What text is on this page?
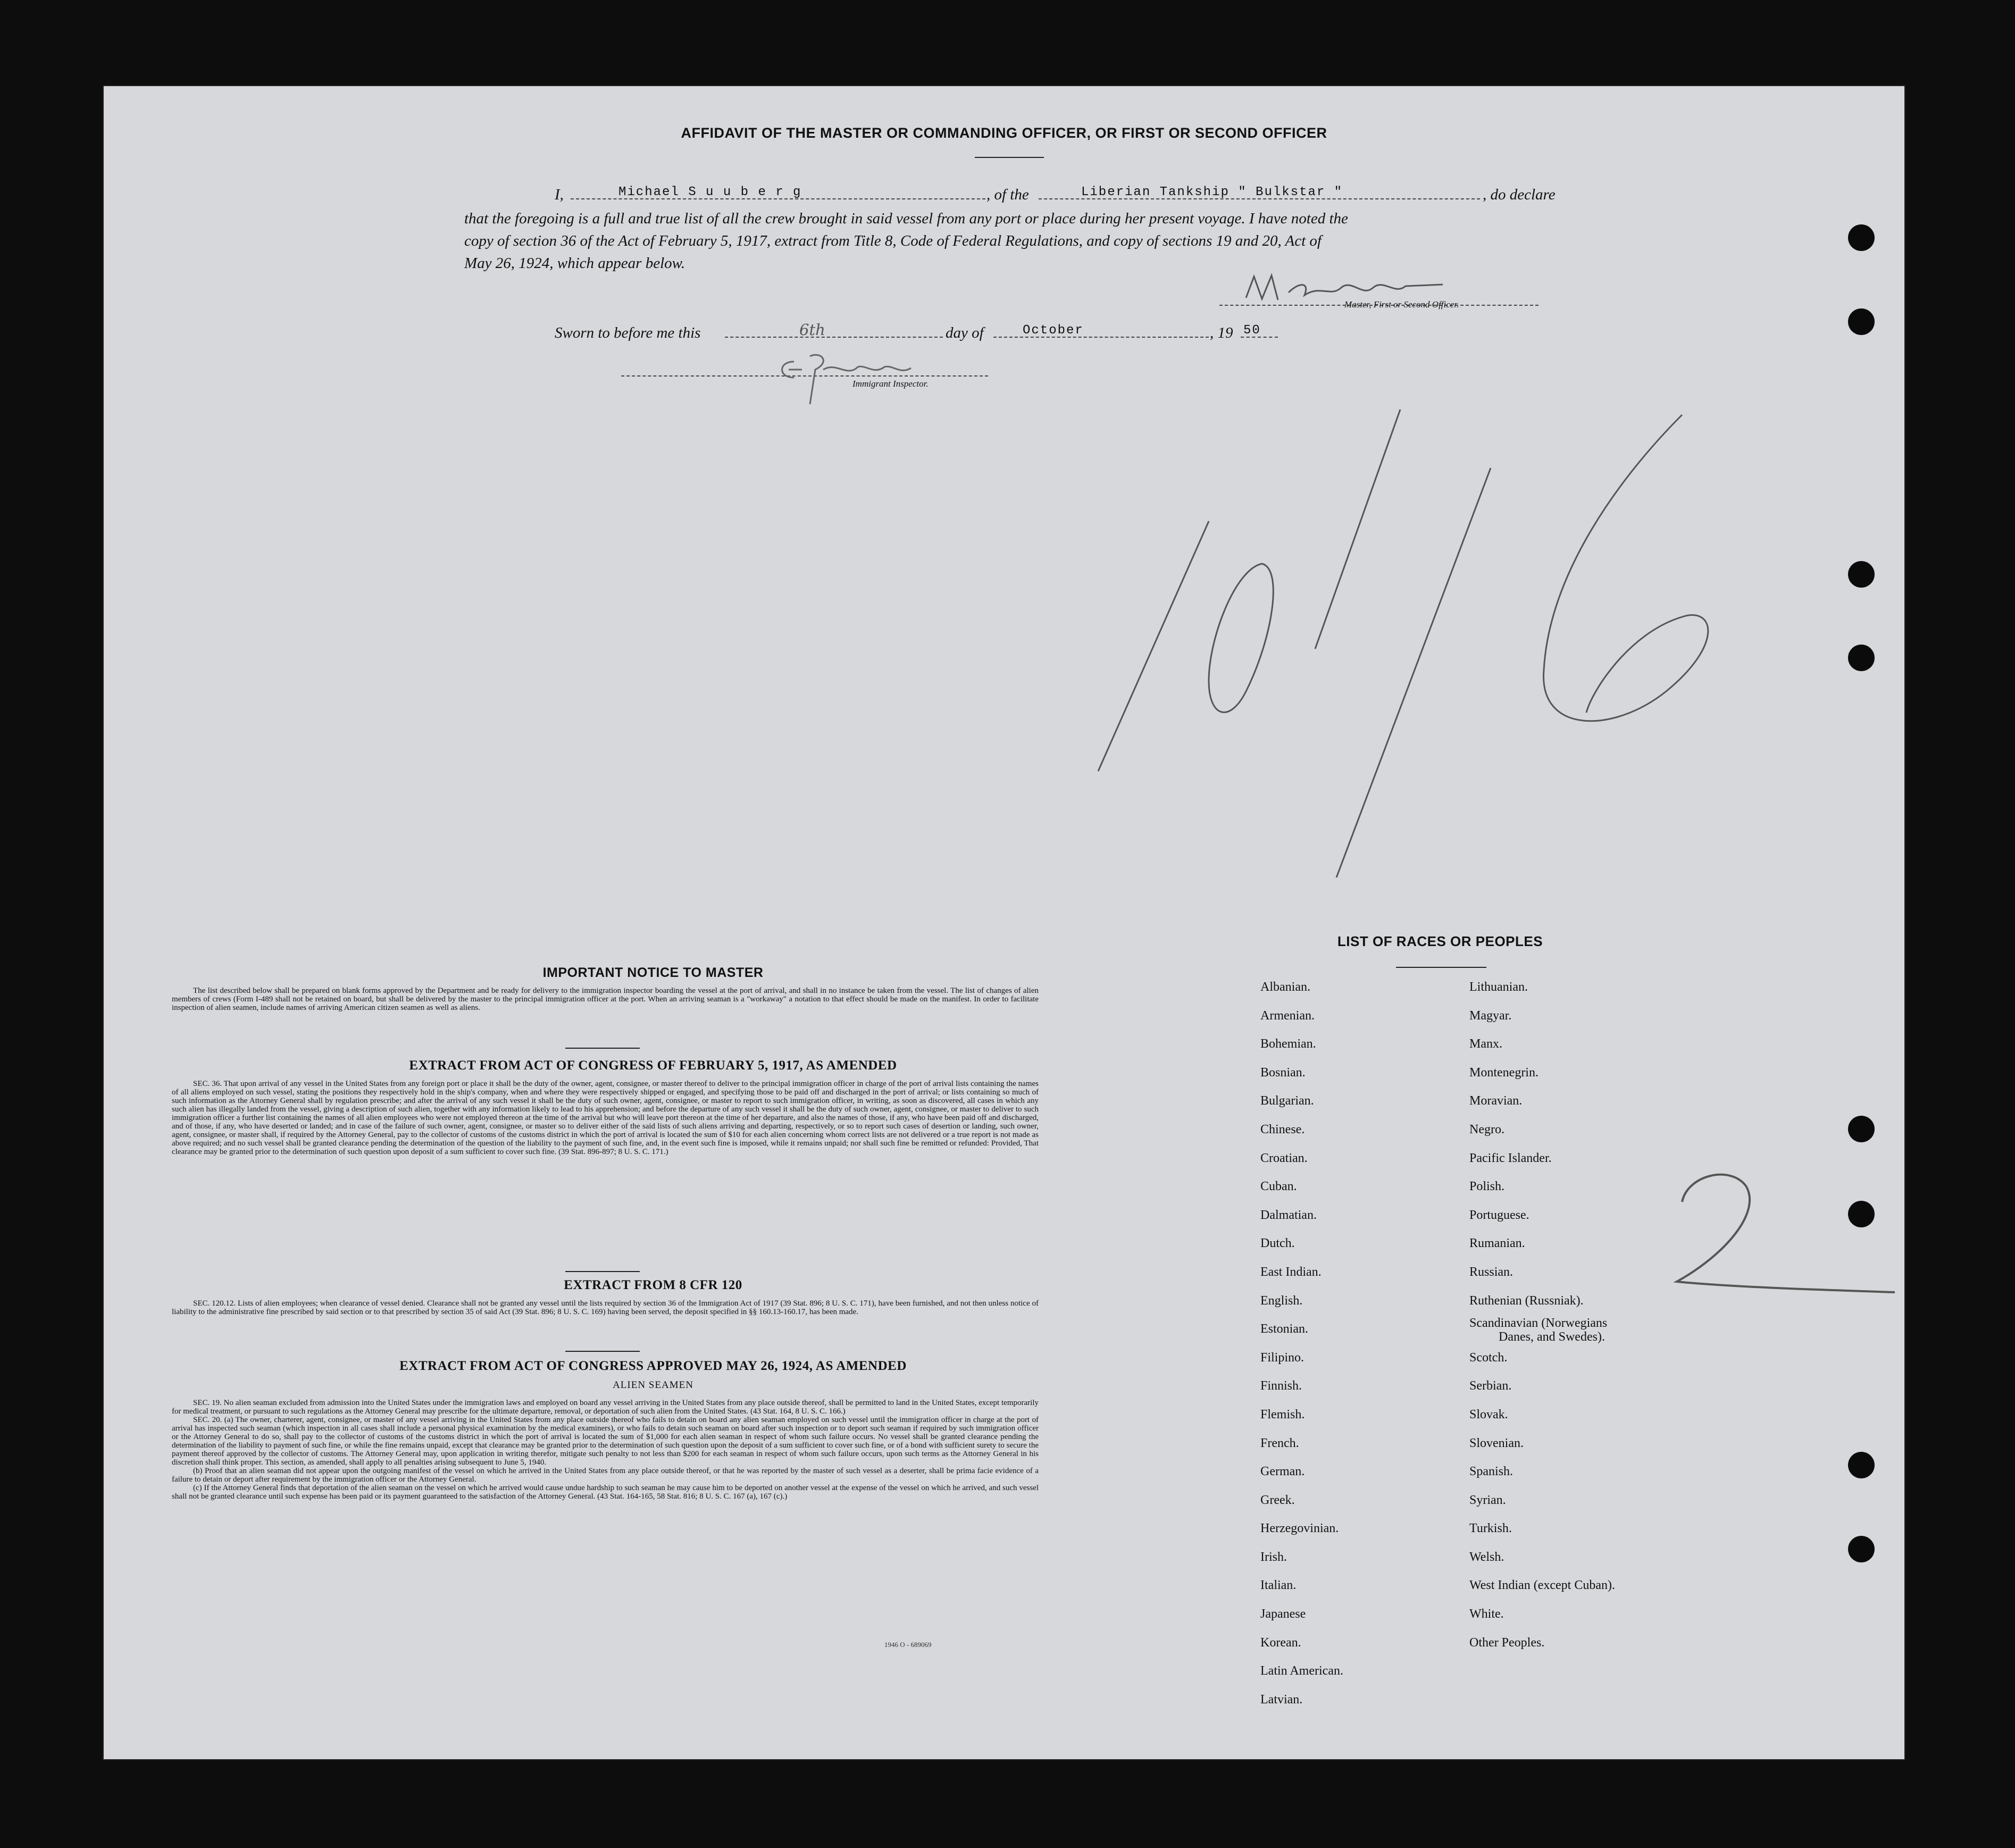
AFFIDAVIT OF THE MASTER OR COMMANDING OFFICER, OR FIRST OR SECOND OFFICER
I,	Michael S u u b e r g	, of the	Liberian Tankship " Bulkstar "	, do declare
that the foregoing is a full and true list of all the crew brought in said vessel from any port or place during her present voyage. I have noted the
copy of section 36 of the Act of February 5, 1917, extract from Title 8, Code of Federal Regulations, and copy of sections 19 and 20, Act of
May 26, 1924, which appear below.
Master, First or Second Officer.
Sworn to before me this	6th	day of	October	, 19 50
Immigrant Inspector.
IMPORTANT NOTICE TO MASTER
The list described below shall be prepared on blank forms approved by the Department and be ready for delivery to the immigration inspector boarding the vessel at the port of arrival, and shall in no instance be taken from the vessel. The list of changes of alien members of crews (Form I-489 shall not be retained on board, but shall be delivered by the master to the principal immigration officer at the port. When an arriving seaman is a "workaway" a notation to that effect should be made on the manifest. In order to facilitate inspection of alien seamen, include names of arriving American citizen seamen as well as aliens.
EXTRACT FROM ACT OF CONGRESS OF FEBRUARY 5, 1917, AS AMENDED
SEC. 36. That upon arrival of any vessel in the United States from any foreign port or place it shall be the duty of the owner, agent, consignee, or master thereof to deliver to the principal immigration officer in charge of the port of arrival lists containing the names of all aliens employed on such vessel, stating the positions they respectively hold in the ship's company, when and where they were respectively shipped or engaged, and specifying those to be paid off and discharged in the port of arrival; or lists containing so much of such information as the Attorney General shall by regulation prescribe; and after the arrival of any such vessel it shall be the duty of such owner, agent, consignee, or master to report to such immigration officer, in writing, as soon as discovered, all cases in which any such alien has illegally landed from the vessel, giving a description of such alien, together with any information likely to lead to his apprehension; and before the departure of any such vessel it shall be the duty of such owner, agent, consignee, or master to deliver to such immigration officer a further list containing the names of all alien employees who were not employed thereon at the time of the arrival but who will leave port thereon at the time of her departure, and also the names of those, if any, who have been paid off and discharged, and of those, if any, who have deserted or landed; and in case of the failure of such owner, agent, consignee, or master so to deliver either of the said lists of such aliens arriving and departing, respectively, or so to report such cases of desertion or landing, such owner, agent, consignee, or master shall, if required by the Attorney General, pay to the collector of customs of the customs district in which the port of arrival is located the sum of $10 for each alien concerning whom correct lists are not delivered or a true report is not made as above required; and no such vessel shall be granted clearance pending the determination of the question of the liability to the payment of such fine, and, in the event such fine is imposed, while it remains unpaid; nor shall such fine be remitted or refunded: Provided, That clearance may be granted prior to the determination of such question upon deposit of a sum sufficient to cover such fine. (39 Stat. 896-897; 8 U. S. C. 171.)
EXTRACT FROM 8 CFR 120
SEC. 120.12. Lists of alien employees; when clearance of vessel denied. Clearance shall not be granted any vessel until the lists required by section 36 of the Immigration Act of 1917 (39 Stat. 896; 8 U. S. C. 171), have been furnished, and not then unless notice of liability to the administrative fine prescribed by said section or to that prescribed by section 35 of said Act (39 Stat. 896; 8 U. S. C. 169) having been served, the deposit specified in §§ 160.13-160.17, has been made.
EXTRACT FROM ACT OF CONGRESS APPROVED MAY 26, 1924, AS AMENDED
ALIEN SEAMEN
SEC. 19. No alien seaman excluded from admission into the United States under the immigration laws and employed on board any vessel arriving in the United States from any place outside thereof, shall be permitted to land in the United States, except temporarily for medical treatment, or pursuant to such regulations as the Attorney General may prescribe for the ultimate departure, removal, or deportation of such alien from the United States. (43 Stat. 164, 8 U. S. C. 166.)
SEC. 20. (a) The owner, charterer, agent, consignee, or master of any vessel arriving in the United States from any place outside thereof who fails to detain on board any alien seaman employed on such vessel until the immigration officer in charge at the port of arrival has inspected such seaman (which inspection in all cases shall include a personal physical examination by the medical examiners), or who fails to detain such seaman on board after such inspection or to deport such seaman if required by such immigration officer or the Attorney General to do so, shall pay to the collector of customs of the customs district in which the port of arrival is located the sum of $1,000 for each alien seaman in respect of whom such failure occurs. No vessel shall be granted clearance pending the determination of the liability to payment of such fine, or while the fine remains unpaid, except that clearance may be granted prior to the determination of such question upon the deposit of a sum sufficient to cover such fine, or of a bond with sufficient surety to secure the payment thereof approved by the collector of customs. The Attorney General may, upon application in writing therefor, mitigate such penalty to not less than $200 for each seaman in respect of whom such failure occurs, upon such terms as the Attorney General in his discretion shall think proper. This section, as amended, shall apply to all penalties arising subsequent to June 5, 1940.
(b) Proof that an alien seaman did not appear upon the outgoing manifest of the vessel on which he arrived in the United States from any place outside thereof, or that he was reported by the master of such vessel as a deserter, shall be prima facie evidence of a failure to detain or deport after requirement by the immigration officer or the Attorney General.
(c) If the Attorney General finds that deportation of the alien seaman on the vessel on which he arrived would cause undue hardship to such seaman he may cause him to be deported on another vessel at the expense of the vessel on which he arrived, and such vessel shall not be granted clearance until such expense has been paid or its payment guaranteed to the satisfaction of the Attorney General. (43 Stat. 164-165, 58 Stat. 816; 8 U. S. C. 167 (a), 167 (c).)
1946 O - 689069
LIST OF RACES OR PEOPLES
Albanian.
Armenian.
Bohemian.
Bosnian.
Bulgarian.
Chinese.
Croatian.
Cuban.
Dalmatian.
Dutch.
East Indian.
English.
Estonian.
Filipino.
Finnish.
Flemish.
French.
German.
Greek.
Herzegovinian.
Irish.
Italian.
Japanese
Korean.
Latin American.
Latvian.
Lithuanian.
Magyar.
Manx.
Montenegrin.
Moravian.
Negro.
Pacific Islander.
Polish.
Portuguese.
Rumanian.
Russian.
Ruthenian (Russniak).
Scandinavian (Norwegians
Danes, and Swedes).
Scotch.
Serbian.
Slovak.
Slovenian.
Spanish.
Syrian.
Turkish.
Welsh.
West Indian (except Cuban).
White.
Other Peoples.
